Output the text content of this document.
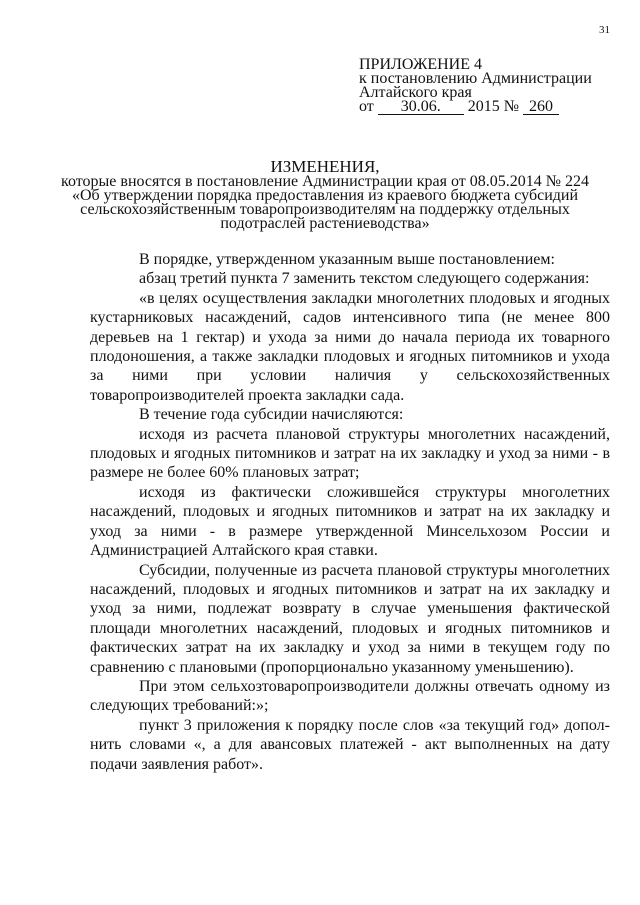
31
ПРИЛОЖЕНИЕ 4
к постановлению Администрации
Алтайского края
от 30.06. 2015 № 260
ИЗМЕНЕНИЯ,
которые вносятся в постановление Администрации края от 08.05.2014 № 224
«Об утверждении порядка предоставления из краевого бюджета субсидий
сельскохозяйственным товаропроизводителям на поддержку отдельных
подотраслей растениеводства»

В порядке, утвержденном указанным выше постановлением:

абзац третий пункта 7 заменить текстом следующего содержания:

«в целях осуществления закладки многолетних плодовых и ягодных кустарниковых насаждений, садов интенсивного типа (не менее 800 деревьев на 1 гектар) и ухода за ними до начала периода их товарного плодоношения, а также закладки плодовых и ягодных питомников и ухода за ними при условии наличия у сельскохозяйственных товаропроизводителей проекта закладки сада.

В течение года субсидии начисляются:

исходя из расчета плановой структуры многолетних насаждений, плодовых и ягодных питомников и затрат на их закладку и уход за ними - в размере не более 60% плановых затрат;

исходя из фактически сложившейся структуры многолетних насаждений, плодовых и ягодных питомников и затрат на их закладку и уход за ними - в размере утвержденной Минсельхозом России и Администрацией Алтайского края ставки.

Субсидии, полученные из расчета плановой структуры многолетних насаждений, плодовых и ягодных питомников и затрат на их закладку и уход за ними, подлежат возврату в случае уменьшения фактической площади многолетних насаждений, плодовых и ягодных питомников и фактических затрат на их закладку и уход за ними в текущем году по сравнению с плановыми (пропорционально указанному уменьшению).

При этом сельхозтоваропроизводители должны отвечать одному из следующих требований:»;

пункт 3 приложения к порядку после слов «за текущий год» дополнить словами «, а для авансовых платежей - акт выполненных на дату подачи заявления работ».
